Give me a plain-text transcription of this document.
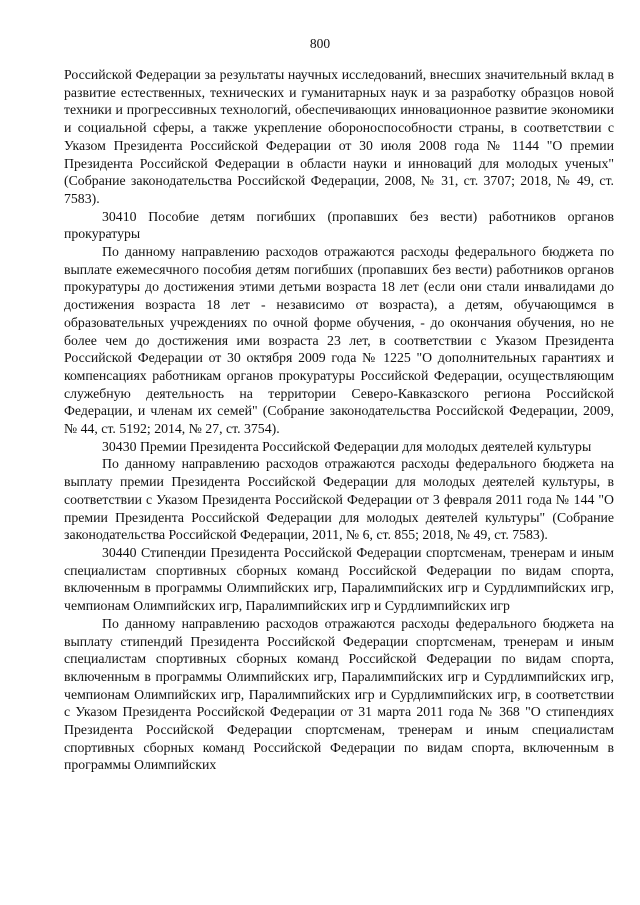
800

Российской Федерации за результаты научных исследований, внесших значительный вклад в развитие естественных, технических и гуманитарных наук и за разработку образцов новой техники и прогрессивных технологий, обеспечивающих инновационное развитие экономики и социальной сферы, а также укрепление обороноспособности страны, в соответствии с Указом Президента Российской Федерации от 30 июля 2008 года № 1144 "О премии Президента Российской Федерации в области науки и инноваций для молодых ученых" (Собрание законодательства Российской Федерации, 2008, № 31, ст. 3707; 2018, № 49, ст. 7583).

30410 Пособие детям погибших (пропавших без вести) работников органов прокуратуры

По данному направлению расходов отражаются расходы федерального бюджета по выплате ежемесячного пособия детям погибших (пропавших без вести) работников органов прокуратуры до достижения этими детьми возраста 18 лет (если они стали инвалидами до достижения возраста 18 лет - независимо от возраста), а детям, обучающимся в образовательных учреждениях по очной форме обучения, - до окончания обучения, но не более чем до достижения ими возраста 23 лет, в соответствии с Указом Президента Российской Федерации от 30 октября 2009 года № 1225 "О дополнительных гарантиях и компенсациях работникам органов прокуратуры Российской Федерации, осуществляющим служебную деятельность на территории Северо-Кавказского региона Российской Федерации, и членам их семей" (Собрание законодательства Российской Федерации, 2009, № 44, ст. 5192; 2014, № 27, ст. 3754).

30430 Премии Президента Российской Федерации для молодых деятелей культуры

По данному направлению расходов отражаются расходы федерального бюджета на выплату премии Президента Российской Федерации для молодых деятелей культуры, в соответствии с Указом Президента Российской Федерации от 3 февраля 2011 года № 144 "О премии Президента Российской Федерации для молодых деятелей культуры" (Собрание законодательства Российской Федерации, 2011, № 6, ст. 855; 2018, № 49, ст. 7583).

30440 Стипендии Президента Российской Федерации спортсменам, тренерам и иным специалистам спортивных сборных команд Российской Федерации по видам спорта, включенным в программы Олимпийских игр, Паралимпийских игр и Сурдлимпийских игр, чемпионам Олимпийских игр, Паралимпийских игр и Сурдлимпийских игр

По данному направлению расходов отражаются расходы федерального бюджета на выплату стипендий Президента Российской Федерации спортсменам, тренерам и иным специалистам спортивных сборных команд Российской Федерации по видам спорта, включенным в программы Олимпийских игр, Паралимпийских игр и Сурдлимпийских игр, чемпионам Олимпийских игр, Паралимпийских игр и Сурдлимпийских игр, в соответствии с Указом Президента Российской Федерации от 31 марта 2011 года № 368 "О стипендиях Президента Российской Федерации спортсменам, тренерам и иным специалистам спортивных сборных команд Российской Федерации по видам спорта, включенным в программы Олимпийских
